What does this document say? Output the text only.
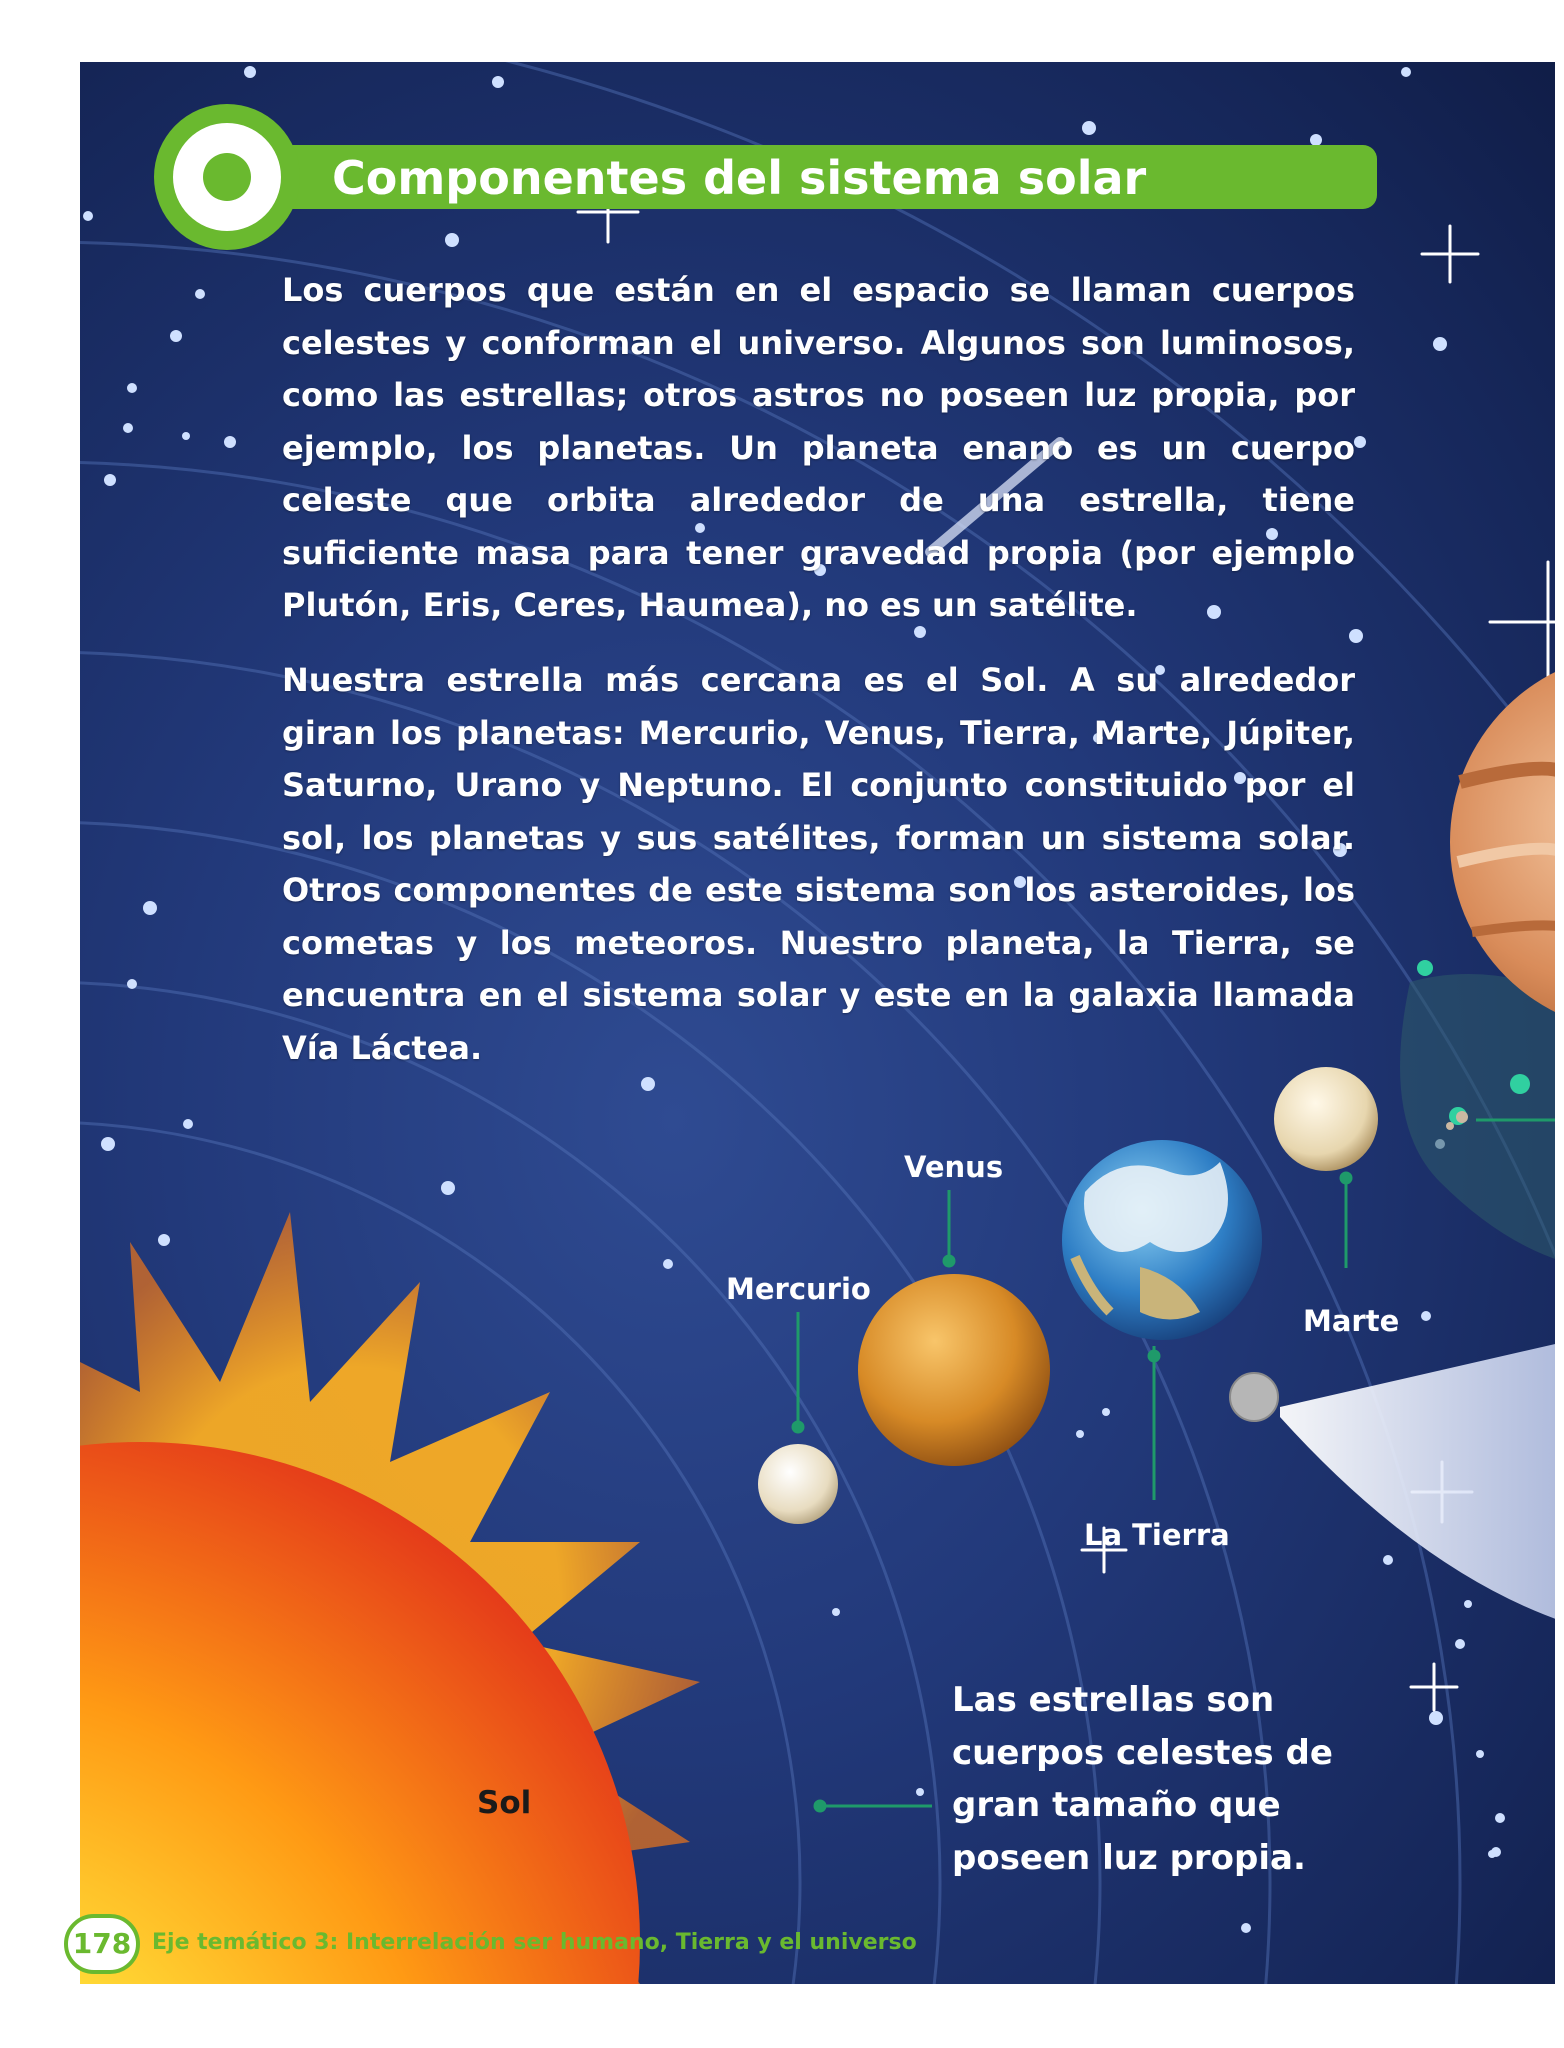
Componentes del sistema solar
Los cuerpos que están en el espacio se llaman cuerpos celestes y conforman el universo. Algunos son luminosos, como las estrellas; otros astros no poseen luz propia, por ejemplo, los planetas. Un planeta enano es un cuerpo celeste que orbita alrededor de una estrella, tiene suficiente masa para tener gravedad propia (por ejemplo Plutón, Eris, Ceres, Haumea), no es un satélite.
Nuestra estrella más cercana es el Sol. A su alrededor giran los planetas: Mercurio, Venus, Tierra, Marte, Júpiter, Saturno, Urano y Neptuno. El conjunto constituido por el sol, los planetas y sus satélites, forman un sistema solar. Otros componentes de este sistema son los asteroides, los cometas y los meteoros. Nuestro planeta, la Tierra, se encuentra en el sistema solar y este en la galaxia llamada Vía Láctea.
Venus
Mercurio
Marte
La Tierra
Sol
Las estrellas son cuerpos celestes de gran tamaño que poseen luz propia.
178 Eje temático 3: Interrelación ser humano, Tierra y el universo
